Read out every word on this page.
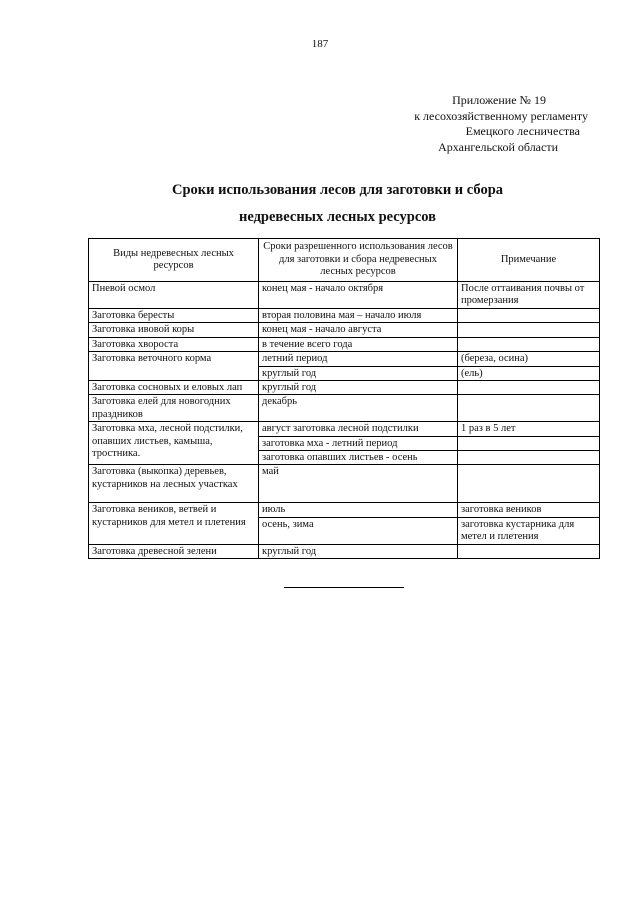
187
Приложение № 19
к лесохозяйственному регламенту
Емецкого лесничества
Архангельской области
Сроки использования лесов для заготовки и сбора
недревесных лесных ресурсов
Виды недревесных лесных ресурсов	Сроки разрешенного использования лесов для заготовки и сбора недревесных лесных ресурсов	Примечание
Пневой осмол	конец мая - начало октября	После оттаивания почвы от промерзания
Заготовка бересты	вторая половина мая – начало июля	
Заготовка ивовой коры	конец мая - начало августа	
Заготовка хвороста	в течение всего года	
Заготовка веточного корма	летний период	(береза, осина)
	круглый год	(ель)
Заготовка сосновых и еловых лап	круглый год	
Заготовка елей для новогодних праздников	декабрь	
Заготовка мха, лесной подстилки, опавших листьев, камыша, тростника.	август заготовка лесной подстилки	1 раз в 5 лет
	заготовка мха - летний период	
	заготовка опавших листьев - осень	
Заготовка (выкопка) деревьев, кустарников на лесных участках	май	
Заготовка веников, ветвей и кустарников для метел и плетения	июль	заготовка веников
	осень, зима	заготовка кустарника для метел и плетения
Заготовка древесной зелени	круглый год	
